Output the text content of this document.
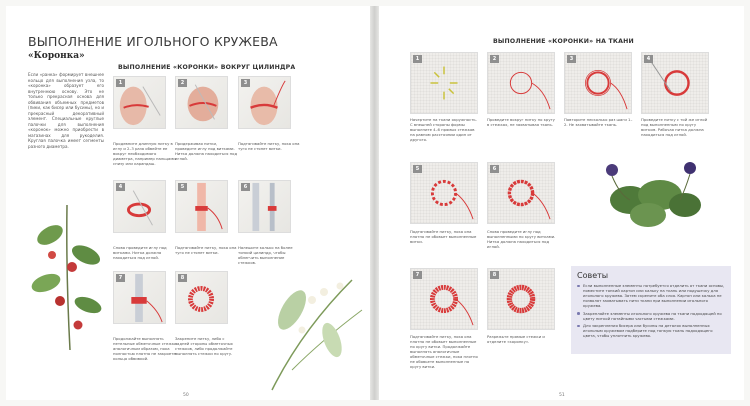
ВЫПОЛНЕНИЕ ИГОЛЬНОГО КРУЖЕВА
«Коронка»
ВЫПОЛНЕНИЕ «КОРОНКИ» ВОКРУГ ЦИЛИНДРА
Если «ранка» формирует внешнее кольцо для выполнения узла, то «коронка» образует его внутреннюю основу. Это не только прекрасная основа для обвивания объемных предметов (пики, как бисер или бусины), но и прекрасный декоративный элемент. Специальные круглые палочки для выполнения «коронок» можно приобрести в магазинах для рукоделия. Круглая палочка имеет сегменты разного диаметра.
1	2	3
Продевните длинную нитку в иглу и 2–3 раза обвейте ее вокруг необходимого диаметра, например пальцами снизу или карандаш.
Придерживая нитки, проведите иглу под витками. Нитка должна находиться под иглой.
Подтягивайте нитку, пока она туго не стянет витки.
4	5	6
Снова проведите иглу под витками. Нитка должна находиться под иглой.
Подтягивайте нитку, пока она туго не стянет витки.
Налешите колько на более тонкий цилиндр, чтобы облегчить выполнение стежков.
7	8
Продолжайте выполнять петельные обметочные стежки аналогичным образом, пока полностью плотно не закроете кольцо обвивкой.
Закрепите нитку, либо с задней стороны обметочных стежков, либо продолжайте выполнять стежки по кругу.
50
ВЫПОЛНЕНИЕ «КОРОНКИ» НА ТКАНИ
1	2	3	4
Начертите на ткани окружность. С внешней стороны формы выполните 4–6 прямых стежков на равном расстоянии один от другого.
Проведите вокруг нитку по кругу в стежках, не захватывая ткань.
Повторите несколько раз шаги 1–2. Не захватывайте ткань.
Проведите нитку с той же иглой под выполненным по кругу витком. Рабочая нитка должна находиться под иглой.
5	6
Подтягивайте нитку, пока она плотно не обовьет выполненные витки.
Снова проведите иглу под выполненными по кругу витками. Нитка должна находиться под иглой.
7	8
Подтягивайте нитку, пока она плотно не обовьет выполненные по кругу витки. Продолжайте выполнять аналогичные обметочные стежки, пока плотно не обовьете выполненные по кругу витки.
Разрежьте прямые стежки и отделите «коронку».
Советы
Если выполненные элементы потребуется отделить от ткани основы, поместите тонкий картон или кальку на ткань или подушечку для игольного кружева. Затем скрепите оба слоя. Картон или калька не позволят захватывать нити ткани при выполнении игольного кружева.
Закрепляйте элементы игольного кружева на ткани подходящей по цвету ниткой потайными частыми стежками.
Для закрепления бисера или бусины на деталях выполненных игольным кружевом подберите под тонкую ткань подходящего цвета, чтобы уплотнить кружево.
51
